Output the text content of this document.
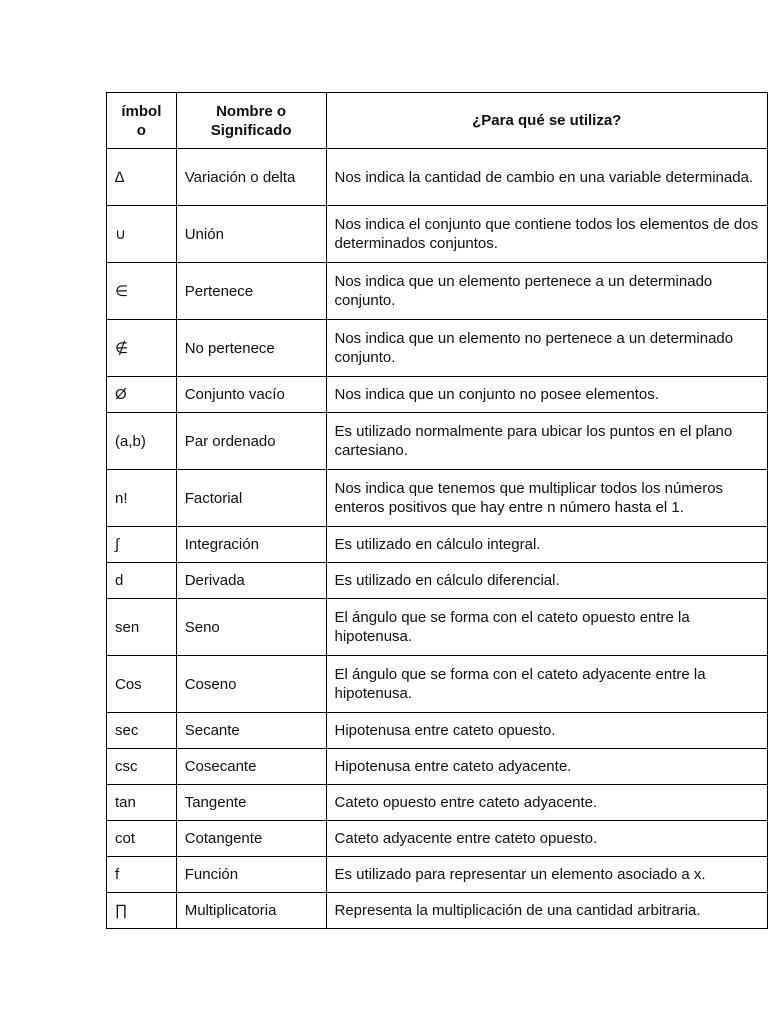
ímbol o	Nombre o Significado	¿Para qué se utiliza?
∆	Variación o delta	Nos indica la cantidad de cambio en una variable determinada.
∪	Unión	Nos indica el conjunto que contiene todos los elementos de dos determinados conjuntos.
∈	Pertenece	Nos indica que un elemento pertenece a un determinado conjunto.
∉	No pertenece	Nos indica que un elemento no pertenece a un determinado conjunto.
Ø	Conjunto vacío	Nos indica que un conjunto no posee elementos.
(a,b)	Par ordenado	Es utilizado normalmente para ubicar los puntos en el plano cartesiano.
n!	Factorial	Nos indica que tenemos que multiplicar todos los números enteros positivos que hay entre n número hasta el 1.
∫	Integración	Es utilizado en cálculo integral.
d	Derivada	Es utilizado en cálculo diferencial.
sen	Seno	El ángulo que se forma con el cateto opuesto entre la hipotenusa.
Cos	Coseno	El ángulo que se forma con el cateto adyacente entre la hipotenusa.
sec	Secante	Hipotenusa entre cateto opuesto.
csc	Cosecante	Hipotenusa entre cateto adyacente.
tan	Tangente	Cateto opuesto entre cateto adyacente.
cot	Cotangente	Cateto adyacente entre cateto opuesto.
f	Función	Es utilizado para representar un elemento asociado a x.
∏	Multiplicatoria	Representa la multiplicación de una cantidad arbitraria.
